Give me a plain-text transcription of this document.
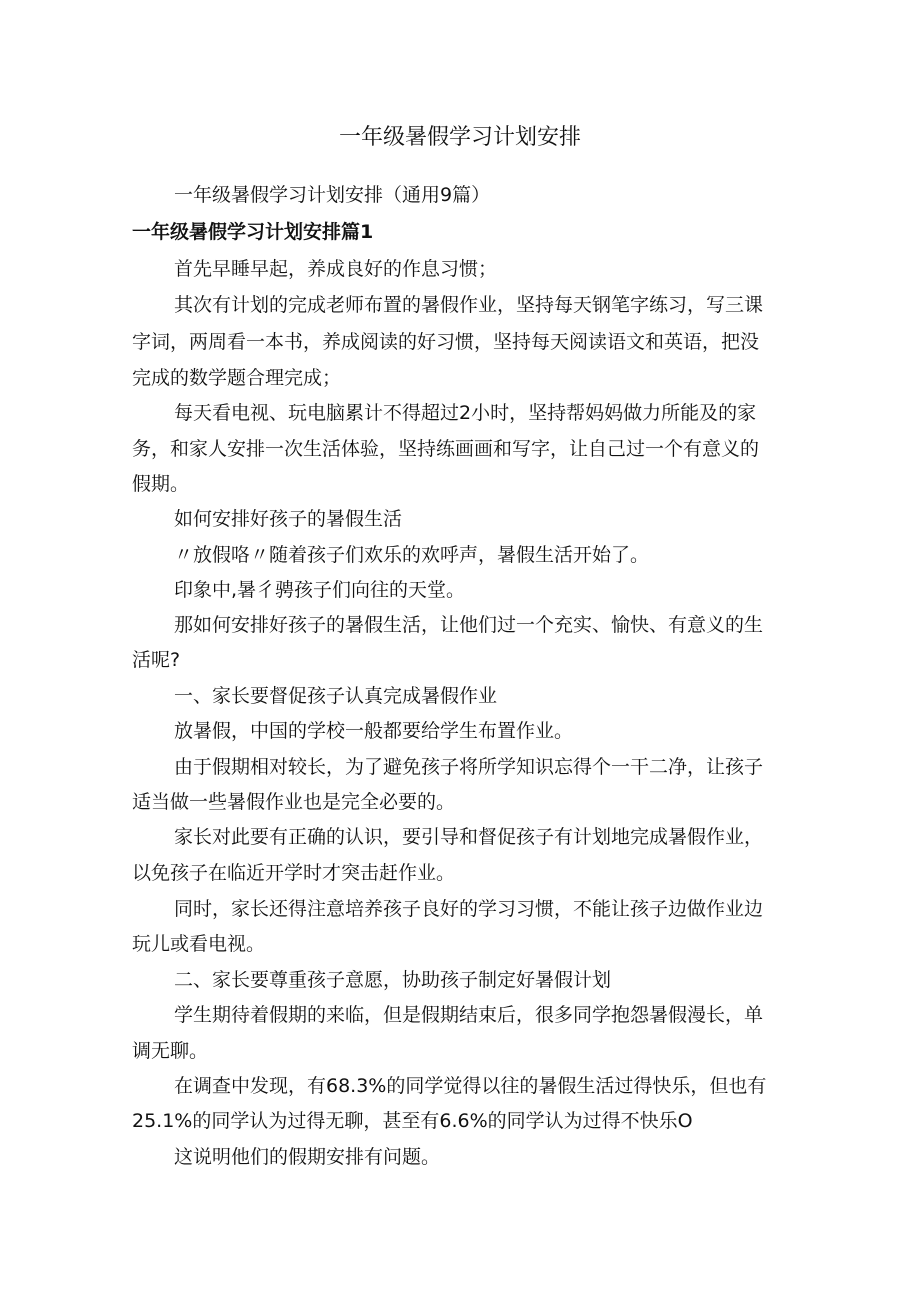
一年级暑假学习计划安排
一年级暑假学习计划安排（通用9篇）
一年级暑假学习计划安排篇1
首先早睡早起，养成良好的作息习惯；
其次有计划的完成老师布置的暑假作业，坚持每天钢笔字练习，写三课
字词，两周看一本书，养成阅读的好习惯，坚持每天阅读语文和英语，把没
完成的数学题合理完成；
每天看电视、玩电脑累计不得超过2小时，坚持帮妈妈做力所能及的家
务，和家人安排一次生活体验，坚持练画画和写字，让自己过一个有意义的
假期。
如何安排好孩子的暑假生活
〃放假咯〃随着孩子们欢乐的欢呼声，暑假生活开始了。
印象中,暑彳骋孩子们向往的天堂。
那如何安排好孩子的暑假生活，让他们过一个充实、愉快、有意义的生
活呢?
一、家长要督促孩子认真完成暑假作业
放暑假，中国的学校一般都要给学生布置作业。
由于假期相对较长，为了避免孩子将所学知识忘得个一干二净，让孩子
适当做一些暑假作业也是完全必要的。
家长对此要有正确的认识，要引导和督促孩子有计划地完成暑假作业，
以免孩子在临近开学时才突击赶作业。
同时，家长还得注意培养孩子良好的学习习惯，不能让孩子边做作业边
玩儿或看电视。
二、家长要尊重孩子意愿，协助孩子制定好暑假计划
学生期待着假期的来临，但是假期结束后，很多同学抱怨暑假漫长，单
调无聊。
在调查中发现，有68.3%的同学觉得以往的暑假生活过得快乐，但也有
25.1%的同学认为过得无聊，甚至有6.6%的同学认为过得不快乐O
这说明他们的假期安排有问题。
